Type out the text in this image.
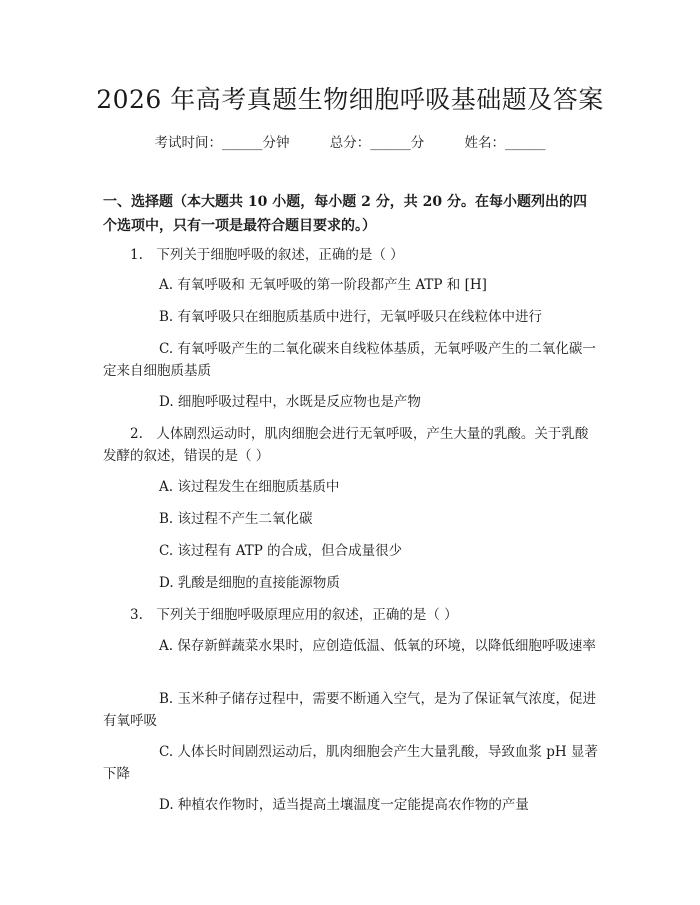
2026 年高考真题生物细胞呼吸基础题及答案
考试时间：______分钟	总分：______分	姓名：______
一、选择题（本大题共 10 小题，每小题 2 分，共 20 分。在每小题列出的四个选项中，只有一项是最符合题目要求的。）
1.　下列关于细胞呼吸的叙述，正确的是（ ）
A. 有氧呼吸和 无氧呼吸的第一阶段都产生 ATP 和 [H]
B. 有氧呼吸只在细胞质基质中进行，无氧呼吸只在线粒体中进行
C. 有氧呼吸产生的二氧化碳来自线粒体基质，无氧呼吸产生的二氧化碳一定来自细胞质基质
D. 细胞呼吸过程中，水既是反应物也是产物
2.　人体剧烈运动时，肌肉细胞会进行无氧呼吸，产生大量的乳酸。关于乳酸发酵的叙述，错误的是（ ）
A. 该过程发生在细胞质基质中
B. 该过程不产生二氧化碳
C. 该过程有 ATP 的合成，但合成量很少
D. 乳酸是细胞的直接能源物质
3.　下列关于细胞呼吸原理应用的叙述，正确的是（ ）
A. 保存新鲜蔬菜水果时，应创造低温、低氧的环境，以降低细胞呼吸速率
B. 玉米种子储存过程中，需要不断通入空气，是为了保证氧气浓度，促进有氧呼吸
C. 人体长时间剧烈运动后，肌肉细胞会产生大量乳酸，导致血浆 pH 显著下降
D. 种植农作物时，适当提高土壤温度一定能提高农作物的产量
